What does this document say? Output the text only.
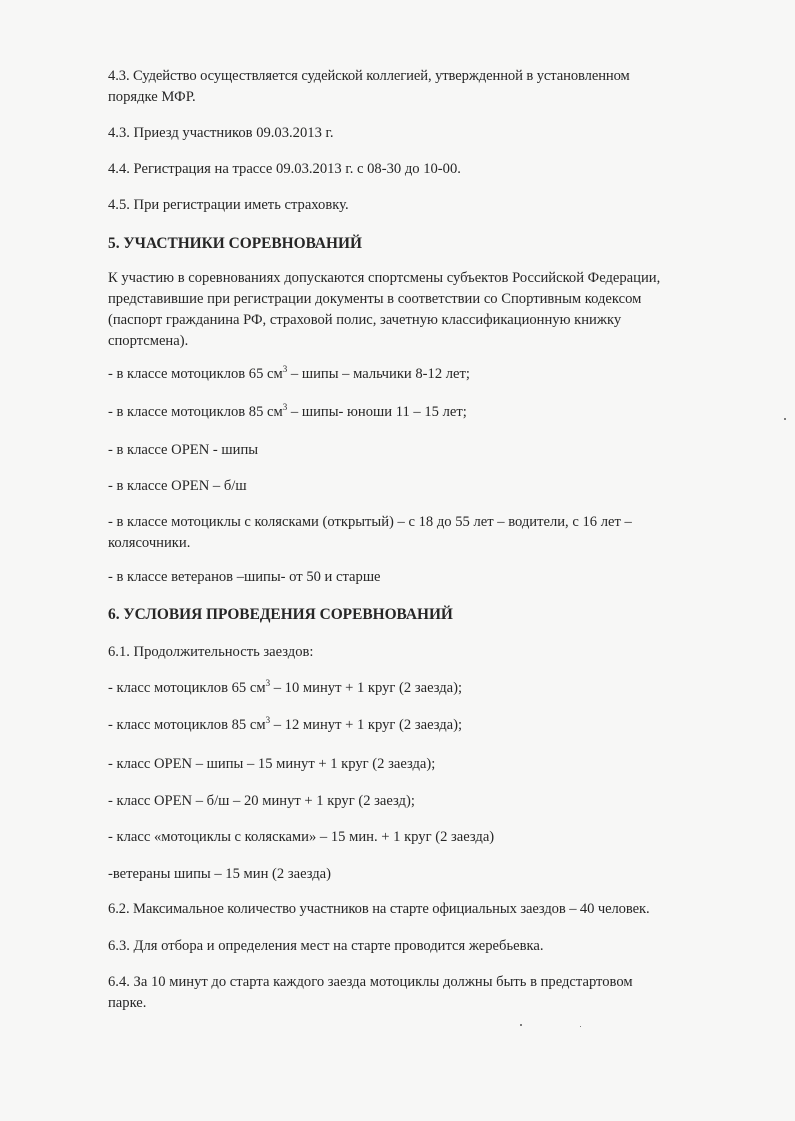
4.3. Судейство осуществляется судейской коллегией, утвержденной в установленном

порядке МФР.

4.3. Приезд участников 09.03.2013 г.

4.4. Регистрация на трассе 09.03.2013 г. с 08-30 до 10-00.

4.5. При регистрации иметь страховку.

5. УЧАСТНИКИ СОРЕВНОВАНИЙ

К участию в соревнованиях допускаются спортсмены субъектов Российской Федерации,

представившие при регистрации документы в соответствии со Спортивным кодексом

(паспорт гражданина РФ, страховой полис, зачетную классификационную книжку

спортсмена).

- в классе мотоциклов 65 $см^3$ – шипы – мальчики 8-12 лет;

- в классе мотоциклов 85 $см^3$ – шипы- юноши 11 – 15 лет;

- в классе OPEN - шипы

- в классе OPEN – б/ш

- в классе мотоциклы с колясками (открытый) – с 18 до 55 лет – водители, с 16 лет –

колясочники.

- в классе ветеранов –шипы- от 50 и старше

6. УСЛОВИЯ ПРОВЕДЕНИЯ СОРЕВНОВАНИЙ

6.1. Продолжительность заездов:

- класс мотоциклов 65 $см^3 - 10$ минут + 1 круг (2 заезда);

- класс мотоциклов 85 $см^3 - 12$ минут + 1 круг (2 заезда);

- класс OPEN – шипы – 15 минут + 1 круг (2 заезда);

- класс OPEN – б/ш – 20 минут + 1 круг (2 заезд);

- класс «мотоциклы с колясками» – 15 мин. + 1 круг (2 заезда)

-ветераны шипы – 15 мин (2 заезда)

6.2. Максимальное количество участников на старте официальных заездов – 40 человек.

6.3. Для отбора и определения мест на старте проводится жеребьевка.

6.4. За 10 минут до старта каждого заезда мотоциклы должны быть в предстартовом

парке.
